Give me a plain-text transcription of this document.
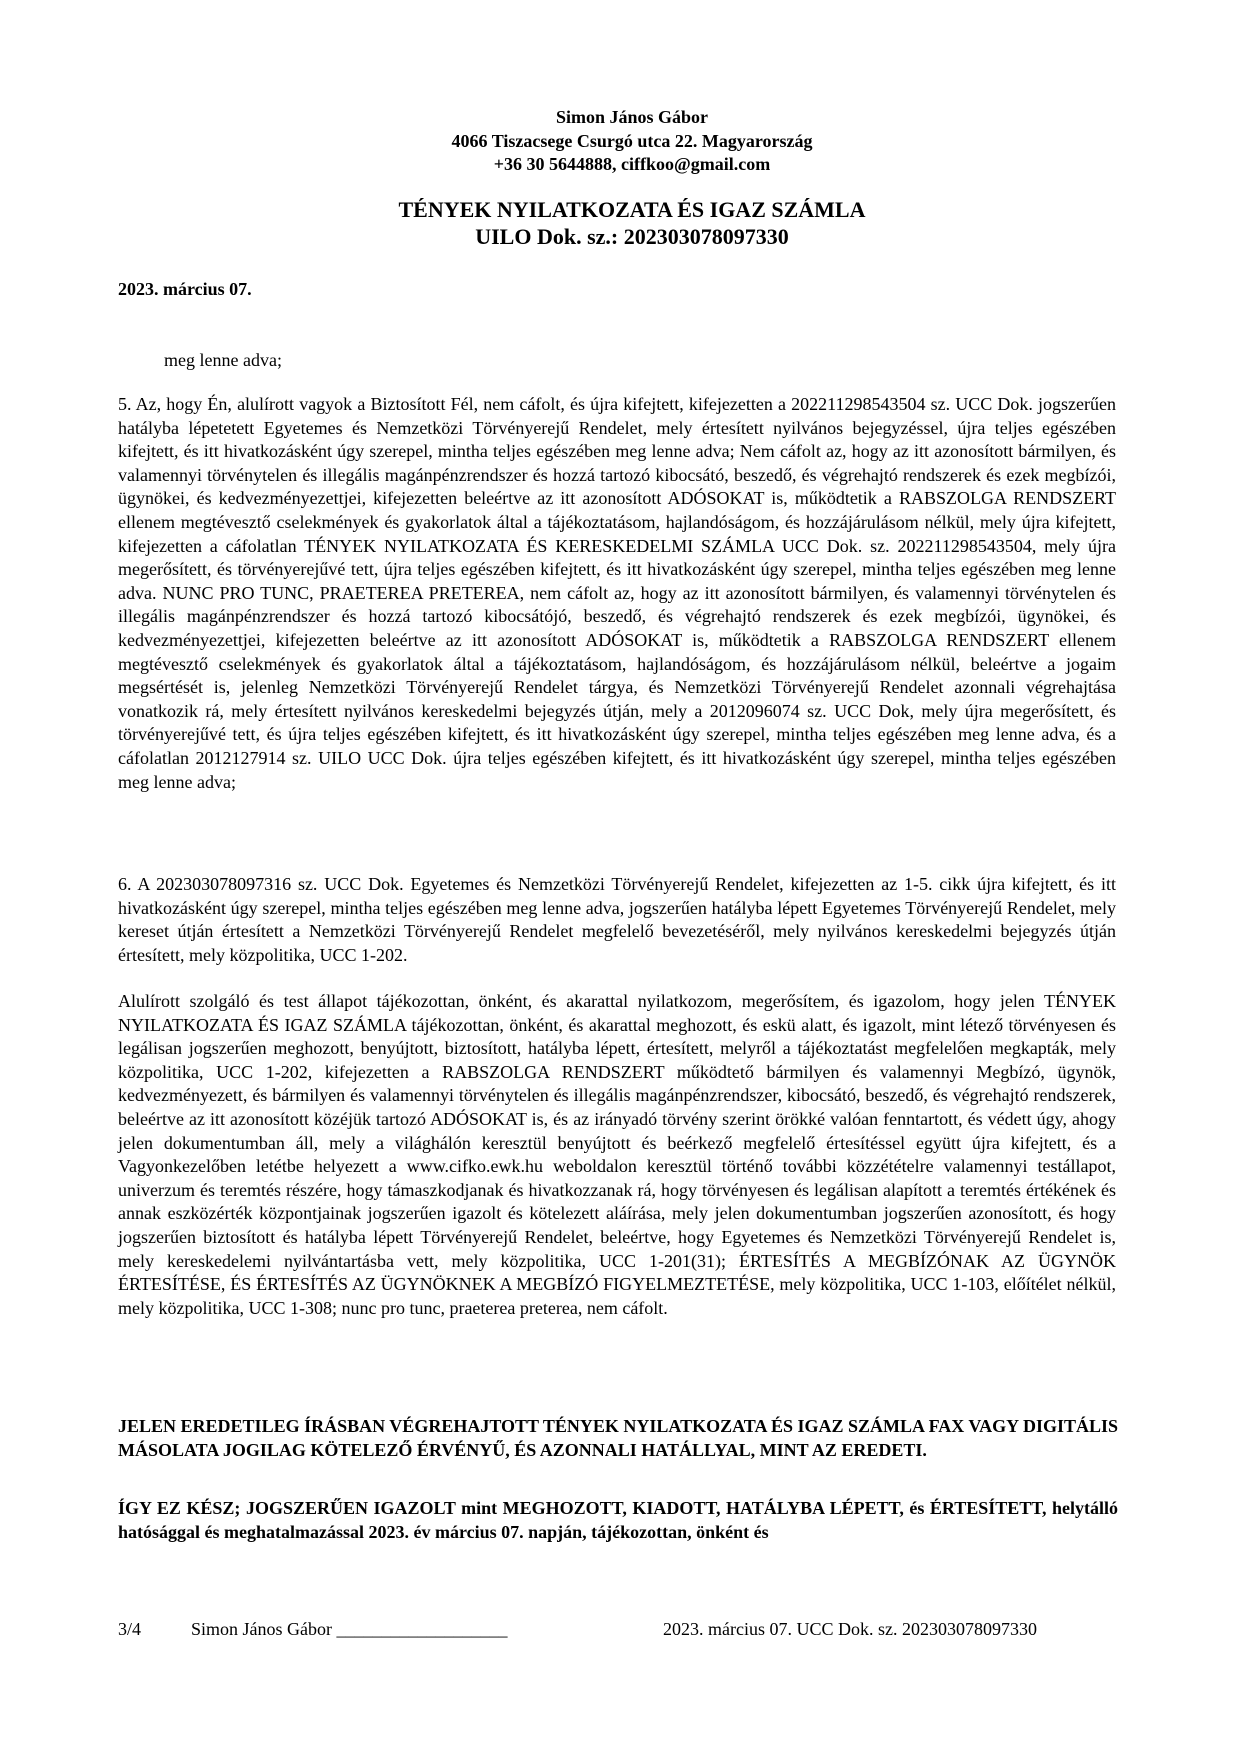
Simon János Gábor
4066 Tiszacsege Csurgó utca 22. Magyarország
+36 30 5644888, ciffkoo@gmail.com
TÉNYEK NYILATKOZATA ÉS IGAZ SZÁMLA
UILO Dok. sz.: 202303078097330
2023. március 07.
meg lenne adva;
5. Az, hogy Én, alulírott vagyok a Biztosított Fél, nem cáfolt, és újra kifejtett, kifejezetten a 202211298543504 sz. UCC Dok. jogszerűen hatályba lépetetett Egyetemes és Nemzetközi Törvényerejű Rendelet, mely értesített nyilvános bejegyzéssel, újra teljes egészében kifejtett, és itt hivatkozásként úgy szerepel, mintha teljes egészében meg lenne adva; Nem cáfolt az, hogy az itt azonosított bármilyen, és valamennyi törvénytelen és illegális magánpénzrendszer és hozzá tartozó kibocsátó, beszedő, és végrehajtó rendszerek és ezek megbízói, ügynökei, és kedvezményezettjei, kifejezetten beleértve az itt azonosított ADÓSOKAT is, működtetik a RABSZOLGA RENDSZERT ellenem megtévesztő cselekmények és gyakorlatok által a tájékoztatásom, hajlandóságom, és hozzájárulásom nélkül, mely újra kifejtett, kifejezetten a cáfolatlan TÉNYEK NYILATKOZATA ÉS KERESKEDELMI SZÁMLA UCC Dok. sz. 202211298543504, mely újra megerősített, és törvényerejűvé tett, újra teljes egészében kifejtett, és itt hivatkozásként úgy szerepel, mintha teljes egészében meg lenne adva. NUNC PRO TUNC, PRAETEREA PRETEREA, nem cáfolt az, hogy az itt azonosított bármilyen, és valamennyi törvénytelen és illegális magánpénzrendszer és hozzá tartozó kibocsátójó, beszedő, és végrehajtó rendszerek és ezek megbízói, ügynökei, és kedvezményezettjei, kifejezetten beleértve az itt azonosított ADÓSOKAT is, működtetik a RABSZOLGA RENDSZERT ellenem megtévesztő cselekmények és gyakorlatok által a tájékoztatásom, hajlandóságom, és hozzájárulásom nélkül, beleértve a jogaim megsértését is, jelenleg Nemzetközi Törvényerejű Rendelet tárgya, és Nemzetközi Törvényerejű Rendelet azonnali végrehajtása vonatkozik rá, mely értesített nyilvános kereskedelmi bejegyzés útján, mely a 2012096074 sz. UCC Dok, mely újra megerősített, és törvényerejűvé tett, és újra teljes egészében kifejtett, és itt hivatkozásként úgy szerepel, mintha teljes egészében meg lenne adva, és a cáfolatlan 2012127914 sz. UILO UCC Dok. újra teljes egészében kifejtett, és itt hivatkozásként úgy szerepel, mintha teljes egészében meg lenne adva;
6. A 202303078097316 sz. UCC Dok. Egyetemes és Nemzetközi Törvényerejű Rendelet, kifejezetten az 1-5. cikk újra kifejtett, és itt hivatkozásként úgy szerepel, mintha teljes egészében meg lenne adva, jogszerűen hatályba lépett Egyetemes Törvényerejű Rendelet, mely kereset útján értesített a Nemzetközi Törvényerejű Rendelet megfelelő bevezetéséről, mely nyilvános kereskedelmi bejegyzés útján értesített, mely közpolitika, UCC 1-202.
Alulírott szolgáló és test állapot tájékozottan, önként, és akarattal nyilatkozom, megerősítem, és igazolom, hogy jelen TÉNYEK NYILATKOZATA ÉS IGAZ SZÁMLA tájékozottan, önként, és akarattal meghozott, és eskü alatt, és igazolt, mint létező törvényesen és legálisan jogszerűen meghozott, benyújtott, biztosított, hatályba lépett, értesített, melyről a tájékoztatást megfelelően megkapták, mely közpolitika, UCC 1-202, kifejezetten a RABSZOLGA RENDSZERT működtető bármilyen és valamennyi Megbízó, ügynök, kedvezményezett, és bármilyen és valamennyi törvénytelen és illegális magánpénzrendszer, kibocsátó, beszedő, és végrehajtó rendszerek, beleértve az itt azonosított közéjük tartozó ADÓSOKAT is, és az irányadó törvény szerint örökké valóan fenntartott, és védett úgy, ahogy jelen dokumentumban áll, mely a világhálón keresztül benyújtott és beérkező megfelelő értesítéssel együtt újra kifejtett, és a Vagyonkezelőben letétbe helyezett a www.cifko.ewk.hu weboldalon keresztül történő további közzétételre valamennyi testállapot, univerzum és teremtés részére, hogy támaszkodjanak és hivatkozzanak rá, hogy törvényesen és legálisan alapított a teremtés értékének és annak eszközérték központjainak jogszerűen igazolt és kötelezett aláírása, mely jelen dokumentumban jogszerűen azonosított, és hogy jogszerűen biztosított és hatályba lépett Törvényerejű Rendelet, beleértve, hogy Egyetemes és Nemzetközi Törvényerejű Rendelet is, mely kereskedelemi nyilvántartásba vett, mely közpolitika, UCC 1-201(31); ÉRTESÍTÉS A MEGBÍZÓNAK AZ ÜGYNÖK ÉRTESÍTÉSE, ÉS ÉRTESÍTÉS AZ ÜGYNÖKNEK A MEGBÍZÓ FIGYELMEZTETÉSE, mely közpolitika, UCC 1-103, előítélet nélkül, mely közpolitika, UCC 1-308; nunc pro tunc, praeterea preterea, nem cáfolt.
JELEN EREDETILEG ÍRÁSBAN VÉGREHAJTOTT TÉNYEK NYILATKOZATA ÉS IGAZ SZÁMLA FAX VAGY DIGITÁLIS MÁSOLATA JOGILAG KÖTELEZŐ ÉRVÉNYŰ, ÉS AZONNALI HATÁLLYAL, MINT AZ EREDETI.
ÍGY EZ KÉSZ; JOGSZERŰEN IGAZOLT mint MEGHOZOTT, KIADOTT, HATÁLYBA LÉPETT, és ÉRTESÍTETT, helytálló hatósággal és meghatalmazással 2023. év március 07. napján, tájékozottan, önként és
3/4	Simon János Gábor ___________________	2023. március 07. UCC Dok. sz. 202303078097330
